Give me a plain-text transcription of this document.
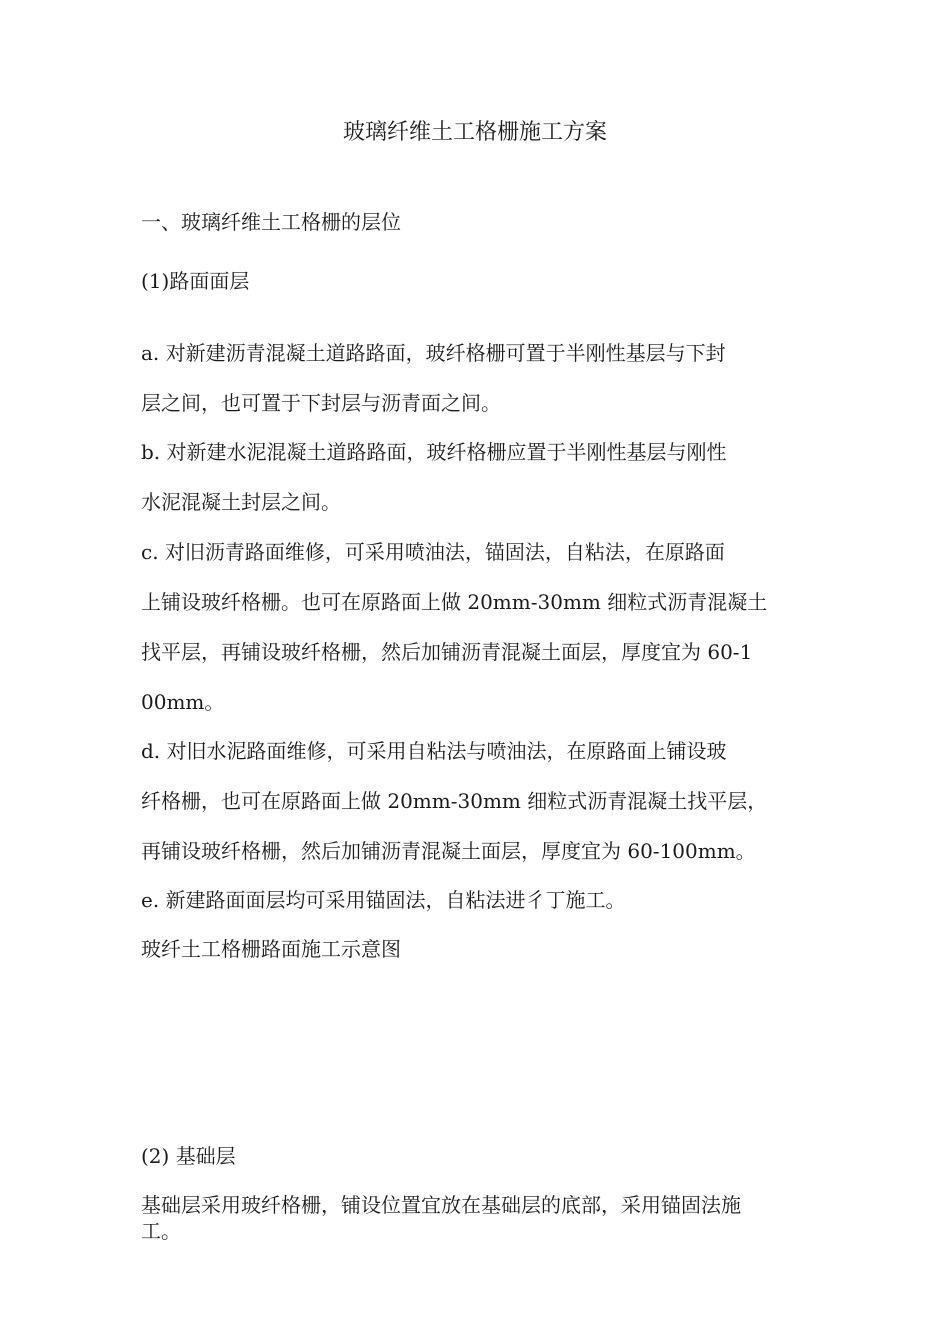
玻璃纤维土工格栅施工方案
一、玻璃纤维土工格栅的层位
(1)路面面层
a. 对新建沥青混凝土道路路面，玻纤格栅可置于半刚性基层与下封
层之间，也可置于下封层与沥青面之间。
b. 对新建水泥混凝土道路路面，玻纤格栅应置于半刚性基层与刚性
水泥混凝土封层之间。
c. 对旧沥青路面维修，可采用喷油法，锚固法，自粘法，在原路面
上铺设玻纤格栅。也可在原路面上做 20mm-30mm 细粒式沥青混凝土
找平层，再铺设玻纤格栅，然后加铺沥青混凝土面层，厚度宜为 60-1
00mm。
d. 对旧水泥路面维修，可采用自粘法与喷油法，在原路面上铺设玻
纤格栅，也可在原路面上做 20mm-30mm 细粒式沥青混凝土找平层，
再铺设玻纤格栅，然后加铺沥青混凝土面层，厚度宜为 60-100mm。
e. 新建路面面层均可采用锚固法，自粘法进彳丁施工。
玻纤土工格栅路面施工示意图
(2) 基础层
基础层采用玻纤格栅，铺设位置宜放在基础层的底部，采用锚固法施
工。
